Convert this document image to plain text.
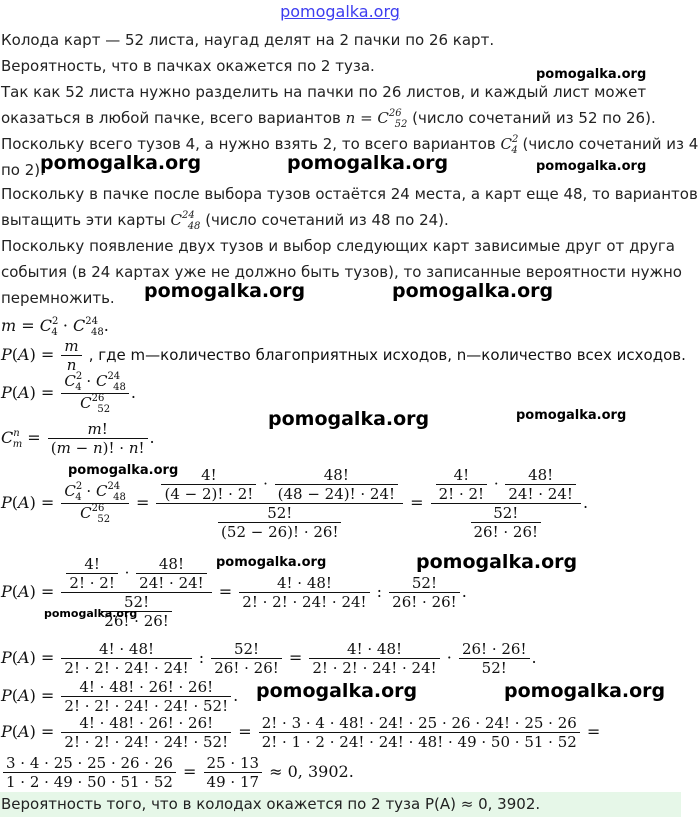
pomogalka.org
Колода карт — 52 листа, наугад делят на 2 пачки по 26 карт.
Вероятность, что в пачках окажется по 2 туза.
Так как 52 листа нужно разделить на пачки по 26 листов, и каждый лист может
оказаться в любой пачке, всего вариантов $n = C^{26}_{52}$ (число сочетаний из 52 по 26).
Поскольку всего тузов 4, а нужно взять 2, то всего вариантов $C^2_4$ (число сочетаний из 4
по 2).
Поскольку в пачке после выбора тузов остаётся 24 места, а карт еще 48, то вариантов
вытащить эти карты $C^{24}_{48}$ (число сочетаний из 48 по 24).
Поскольку появление двух тузов и выбор следующих карт зависимые друг от друга
события (в 24 картах уже не должно быть тузов), то записанные вероятности нужно
перемножить.
$m = C^2_4 \cdot C^{24}_{48}$.
$P(A) = \frac{m}{n}$ , где m—количество благоприятных исходов, n—количество всех исходов.
$P(A) = \frac{C^2_4 \cdot C^{24}_{48}}{C^{26}_{52}}$ .
$C^n_m = \frac{m!}{(m - n)! \cdot n!}$ .
$P(A) = \frac{C^2_4 \cdot C^{24}_{48}}{C^{26}_{52}} = \frac{\frac{4!}{(4 - 2)! \cdot 2!} \cdot \frac{48!}{(48 - 24)! \cdot 24!}}{\frac{52!}{(52 - 26)! \cdot 26!}} = \frac{\frac{4!}{2! \cdot 2!} \cdot \frac{48!}{24! \cdot 24!}}{\frac{52!}{26! \cdot 26!}}$ .
$P(A) = \frac{\frac{4!}{2! \cdot 2!} \cdot \frac{48!}{24! \cdot 24!}}{\frac{52!}{26! \cdot 26!}} = \frac{4! \cdot 48!}{2! \cdot 2! \cdot 24! \cdot 24!}$ : $\frac{52!}{26! \cdot 26!}$ .
$P(A) = \frac{4! \cdot 48!}{2! \cdot 2! \cdot 24! \cdot 24!}$ : $\frac{52!}{26! \cdot 26!} = \frac{4! \cdot 48!}{2! \cdot 2! \cdot 24! \cdot 24!} \cdot \frac{26! \cdot 26!}{52!}$ .
$P(A) = \frac{4! \cdot 48! \cdot 26! \cdot 26!}{2! \cdot 2! \cdot 24! \cdot 24! \cdot 52!}$ .
$P(A) = \frac{4! \cdot 48! \cdot 26! \cdot 26!}{2! \cdot 2! \cdot 24! \cdot 24! \cdot 52!} = \frac{2! \cdot 3 \cdot 4 \cdot 48! \cdot 24! \cdot 25 \cdot 26 \cdot 24! \cdot 25 \cdot 26}{2! \cdot 1 \cdot 2 \cdot 24! \cdot 24! \cdot 48! \cdot 49 \cdot 50 \cdot 51 \cdot 52}$ =
$\frac{3 \cdot 4 \cdot 25 \cdot 25 \cdot 26 \cdot 26}{1 \cdot 2 \cdot 49 \cdot 50 \cdot 51 \cdot 52} = \frac{25 \cdot 13}{49 \cdot 17} \approx 0$, 3902.
Вероятность того, что в колодах окажется по 2 туза P(A) ≈ 0, 3902.
pomogalka.org
pomogalka.org	pomogalka.org	pomogalka.org
pomogalka.org	pomogalka.org
pomogalka.org	pomogalka.org
pomogalka.org
pomogalka.org	pomogalka.org
pomogalka.org
pomogalka.org	pomogalka.org
